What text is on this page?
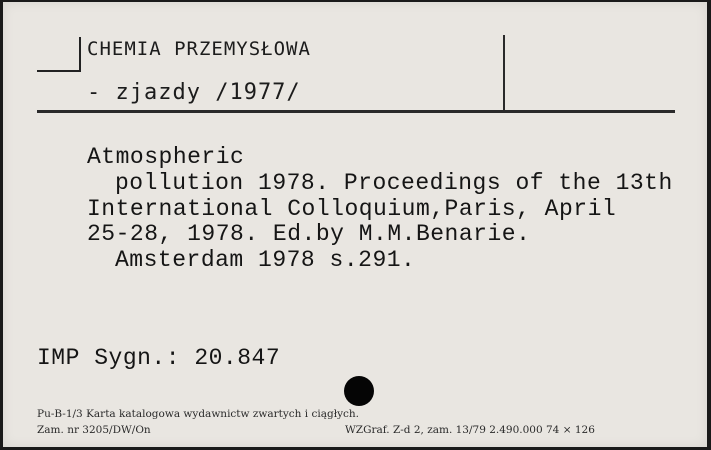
CHEMIA PRZEMYSŁOWA
- zjazdy /1977/
Atmospheric
pollution 1978. Proceedings of the 13th
International Colloquium,Paris, April
25-28, 1978. Ed.by M.M.Benarie.
Amsterdam 1978 s.291.
IMP Sygn.: 20.847
Pu-B-1/3 Karta katalogowa wydawnictw zwartych i ciągłych.
Zam. nr 3205/DW/On	WZGraf. Z-d 2, zam. 13/79 2.490.000 74 × 126
